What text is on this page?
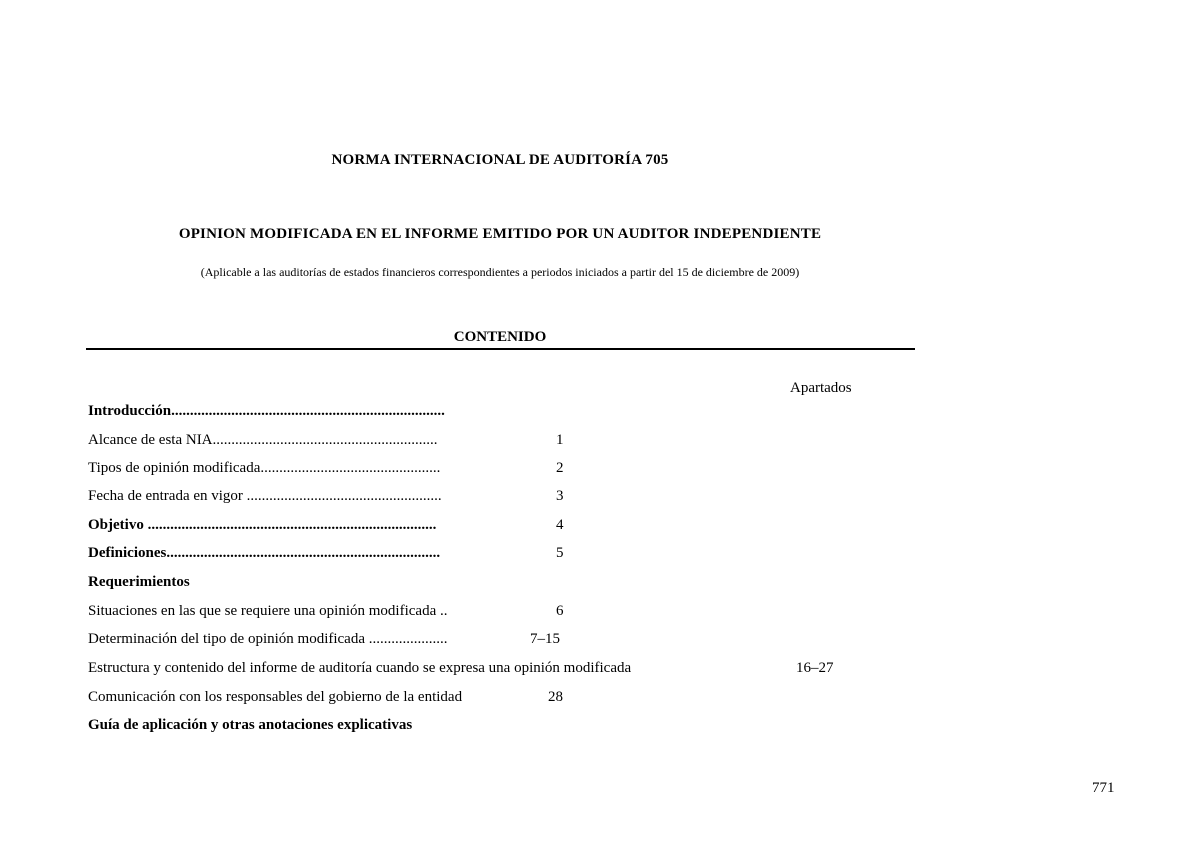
NORMA INTERNACIONAL DE AUDITORÍA 705
OPINION MODIFICADA EN EL INFORME EMITIDO POR UN AUDITOR INDEPENDIENTE
(Aplicable a las auditorías de estados financieros correspondientes a periodos iniciados a partir del 15 de diciembre de 2009)
CONTENIDO
Apartados
Introducción.........................................................................
Alcance de esta NIA............................................................	1
Tipos de opinión modificada................................................	2
Fecha de entrada en vigor ....................................................	3
Objetivo .............................................................................	4
Definiciones.........................................................................	5
Requerimientos
Situaciones en las que se requiere una opinión modificada ..	6
Determinación del tipo de opinión modificada .....................	7–15
Estructura y contenido del informe de auditoría cuando se expresa una opinión modificada	16–27
Comunicación con los responsables del gobierno de la entidad	28
Guía de aplicación y otras anotaciones explicativas
771
